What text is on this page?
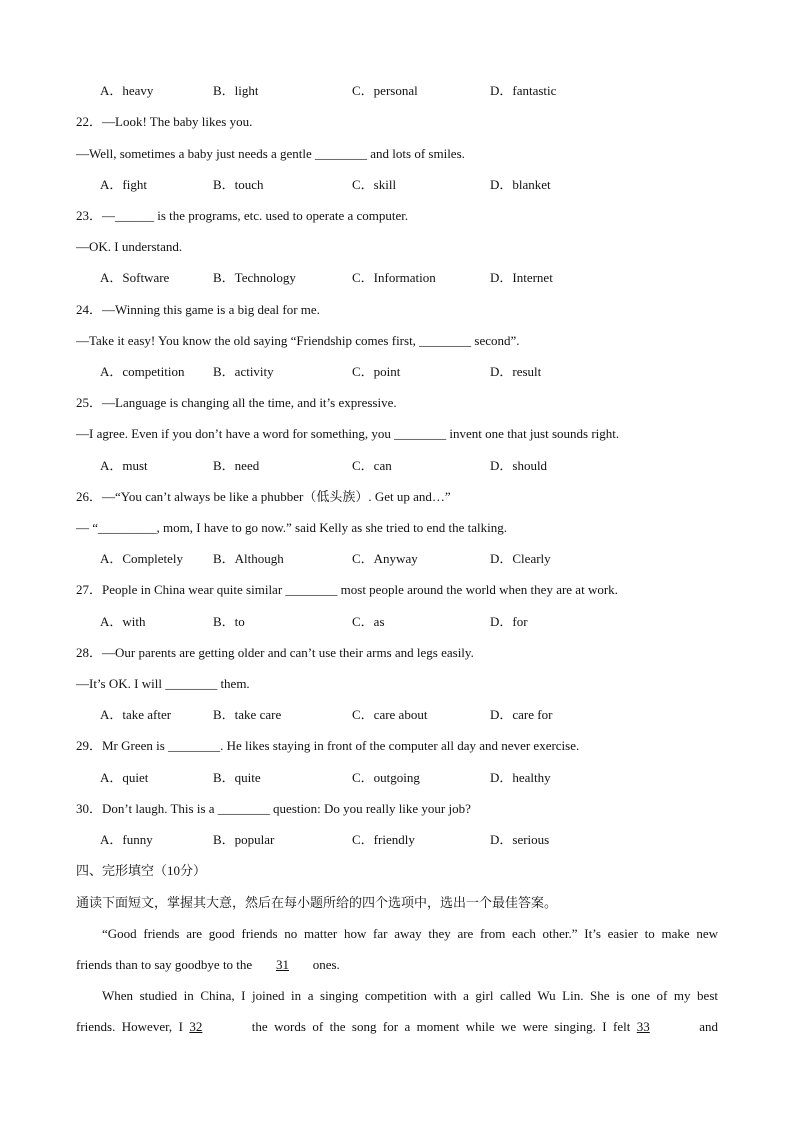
A．heavy	B．light	C．personal	D．fantastic
22．—Look! The baby likes you.
—Well, sometimes a baby just needs a gentle ________ and lots of smiles.
A．fight	B．touch	C．skill	D．blanket
23．—______ is the programs, etc. used to operate a computer.
—OK. I understand.
A．Software	B．Technology	C．Information	D．Internet
24．—Winning this game is a big deal for me.
—Take it easy! You know the old saying “Friendship comes first, ________ second”.
A．competition B．activity	C．point	D．result
25．—Language is changing all the time, and it’s expressive.
—I agree. Even if you don’t have a word for something, you ________ invent one that just sounds right.
A．must	B．need	C．can	D．should
26．—“You can’t always be like a phubber（低头族）. Get up and…”
— “_________, mom, I have to go now.” said Kelly as she tried to end the talking.
A．Completely B．Although	C．Anyway	D．Clearly
27．People in China wear quite similar ________ most people around the world when they are at work.
A．with	B．to	C．as	D．for
28．—Our parents are getting older and can’t use their arms and legs easily.
—It’s OK. I will ________ them.
A．take after	B．take care	C．care about	D．care for
29．Mr Green is ________. He likes staying in front of the computer all day and never exercise.
A．quiet	B．quite	C．outgoing	D．healthy
30．Don’t laugh. This is a ________ question: Do you really like your job?
A．funny	B．popular	C．friendly	D．serious
四、完形填空（10分）
通读下面短文，掌握其大意，然后在每小题所给的四个选项中，选出一个最佳答案。
“Good friends are good friends no matter how far away they are from each other.” It’s easier to make new
friends than to say goodbye to the 31 ones.
When studied in China, I joined in a singing competition with a girl called Wu Lin. She is one of my best
friends. However, I 32	the words of the song for a moment while we were singing. I felt 33	and
